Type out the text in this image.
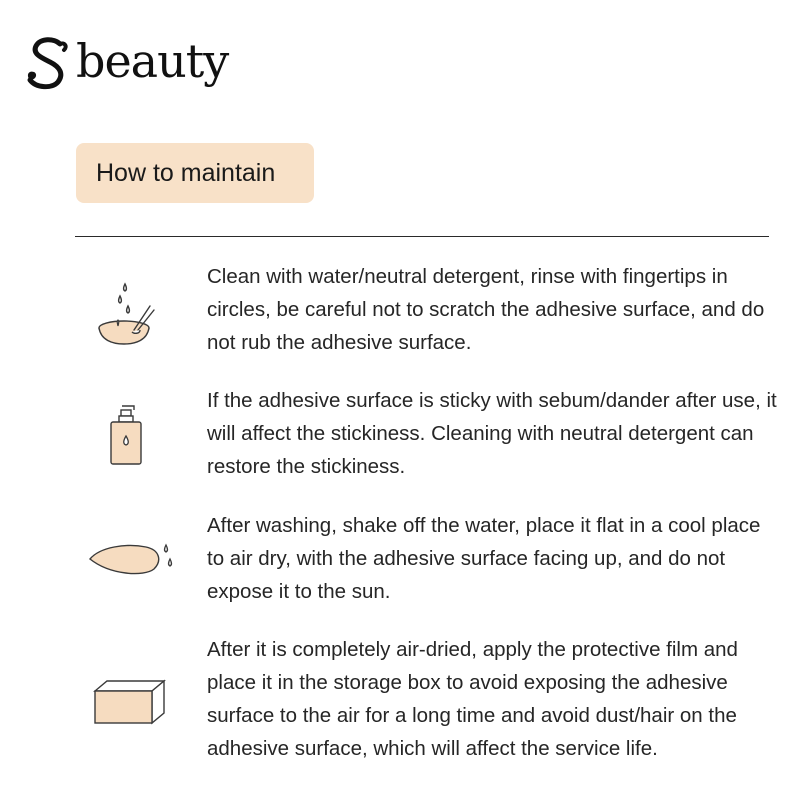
beauty
How to maintain
Clean with water/neutral detergent, rinse with fingertips in circles, be careful not to scratch the adhesive surface, and do not rub the adhesive surface.
If the adhesive surface is sticky with sebum/dander after use, it will affect the stickiness. Cleaning with neutral detergent can restore the stickiness.
After washing, shake off the water, place it flat in a cool place to air dry, with the adhesive surface facing up, and do not expose it to the sun.
After it is completely air-dried, apply the protective film and place it in the storage box to avoid exposing the adhesive surface to the air for a long time and avoid dust/hair on the adhesive surface, which will affect the service life.
